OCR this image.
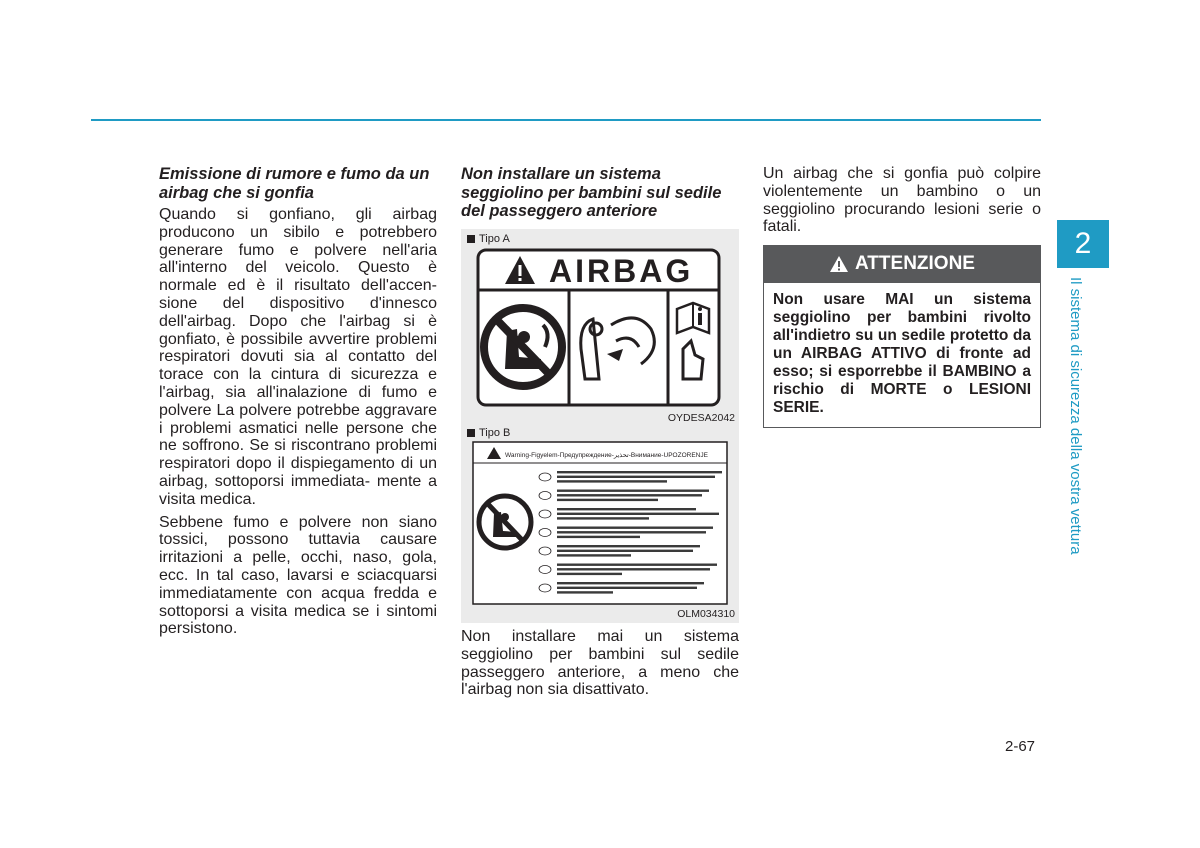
Emissione di rumore e fumo da un airbag che si gonfia

Quando si gonfiano, gli airbag producono un sibilo e potrebbero generare fumo e polvere nell'aria all'interno del veicolo. Questo è normale ed è il risultato dell'accen- sione del dispositivo d'innesco dell'airbag. Dopo che l'airbag si è gonfiato, è possibile avvertire problemi respiratori dovuti sia al contatto del torace con la cintura di sicurezza e l'airbag, sia all'inalazione di fumo e polvere La polvere potrebbe aggravare i problemi asmatici nelle persone che ne soffrono. Se si riscontrano problemi respiratori dopo il dispiegamento di un airbag, sottoporsi immediata- mente a visita medica.

Sebbene fumo e polvere non siano tossici, possono tuttavia causare irritazioni a pelle, occhi, naso, gola, ecc. In tal caso, lavarsi e sciacquarsi immediatamente con acqua fredda e sottoporsi a visita medica se i sintomi persistono.

Non installare un sistema seggiolino per bambini sul sedile del passeggero anteriore
Tipo A
AIRBAG
OYDESA2042
Tipo B
Warning-Figyelem-Предупреждение-تحذير-Внимание-UPOZORENJE
OLM034310

Non installare mai un sistema seggiolino per bambini sul sedile passeggero anteriore, a meno che l'airbag non sia disattivato.

Un airbag che si gonfia può colpire violentemente un bambino o un seggiolino procurando lesioni serie o fatali.

ATTENZIONE
Non usare MAI un sistema seggiolino per bambini rivolto all'indietro su un sedile protetto da un AIRBAG ATTIVO di fronte ad esso; si esporrebbe il BAMBINO a rischio di MORTE o LESIONI SERIE.
2
Il sistema di sicurezza della vostra vettura
2-67
